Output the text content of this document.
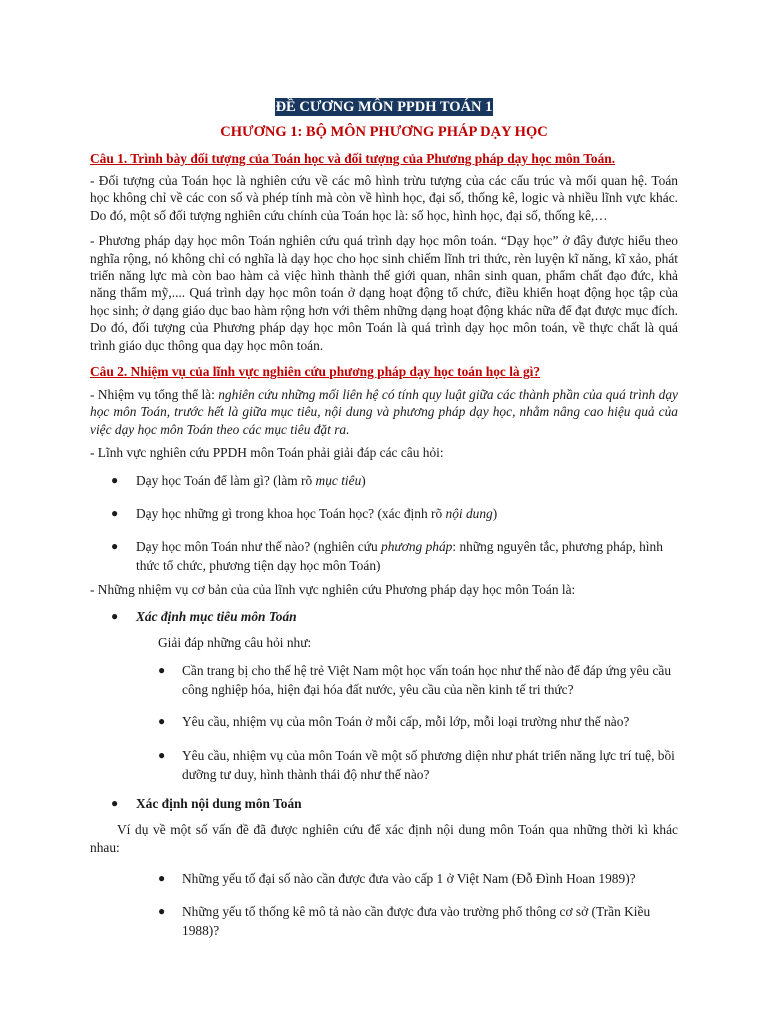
ĐỀ CƯƠNG MÔN PPDH TOÁN 1
CHƯƠNG 1: BỘ MÔN PHƯƠNG PHÁP DẠY HỌC
Câu 1. Trình bày đối tượng của Toán học và đối tượng của Phương pháp dạy học môn Toán.

- Đối tượng của Toán học là nghiên cứu về các mô hình trừu tượng của các cấu trúc và mối quan hệ. Toán học không chỉ về các con số và phép tính mà còn về hình học, đại số, thống kê, logic và nhiều lĩnh vực khác. Do đó, một số đối tượng nghiên cứu chính của Toán học là: số học, hình học, đại số, thống kê,…

- Phương pháp dạy học môn Toán nghiên cứu quá trình dạy học môn toán. “Dạy học” ở đây được hiểu theo nghĩa rộng, nó không chỉ có nghĩa là dạy học cho học sinh chiếm lĩnh tri thức, rèn luyện kĩ năng, kĩ xảo, phát triển năng lực mà còn bao hàm cả việc hình thành thế giới quan, nhân sinh quan, phẩm chất đạo đức, khả năng thẩm mỹ,.... Quá trình dạy học môn toán ở dạng hoạt động tổ chức, điều khiển hoạt động học tập của học sinh; ở dạng giáo dục bao hàm rộng hơn với thêm những dạng hoạt động khác nữa để đạt được mục đích. Do đó, đối tượng của Phương pháp dạy học môn Toán là quá trình dạy học môn toán, về thực chất là quá trình giáo dục thông qua dạy học môn toán.

Câu 2. Nhiệm vụ của lĩnh vực nghiên cứu phương pháp dạy học toán học là gì?

- Nhiệm vụ tổng thể là: nghiên cứu những mối liên hệ có tính quy luật giữa các thành phần của quá trình dạy học môn Toán, trước hết là giữa mục tiêu, nội dung và phương pháp dạy học, nhằm nâng cao hiệu quả của việc dạy học môn Toán theo các mục tiêu đặt ra.

- Lĩnh vực nghiên cứu PPDH môn Toán phải giải đáp các câu hỏi:

● Dạy học Toán để làm gì? (làm rõ mục tiêu)
● Dạy học những gì trong khoa học Toán học? (xác định rõ nội dung)
● Dạy học môn Toán như thế nào? (nghiên cứu phương pháp: những nguyên tắc, phương pháp, hình thức tổ chức, phương tiện dạy học môn Toán)

- Những nhiệm vụ cơ bản của của lĩnh vực nghiên cứu Phương pháp dạy học môn Toán là:

● Xác định mục tiêu môn Toán
Giải đáp những câu hỏi như:
● Cần trang bị cho thế hệ trẻ Việt Nam một học vấn toán học như thế nào để đáp ứng yêu cầu công nghiệp hóa, hiện đại hóa đất nước, yêu cầu của nền kinh tế tri thức?
● Yêu cầu, nhiệm vụ của môn Toán ở mỗi cấp, mỗi lớp, mỗi loại trường như thế nào?
● Yêu cầu, nhiệm vụ của môn Toán về một số phương diện như phát triển năng lực trí tuệ, bồi dưỡng tư duy, hình thành thái độ như thế nào?
● Xác định nội dung môn Toán

Ví dụ về một số vấn đề đã được nghiên cứu để xác định nội dung môn Toán qua những thời kì khác nhau:

● Những yếu tố đại số nào cần được đưa vào cấp 1 ở Việt Nam (Đỗ Đình Hoan 1989)?
● Những yếu tố thống kê mô tả nào cần được đưa vào trường phổ thông cơ sở (Trần Kiều 1988)?
